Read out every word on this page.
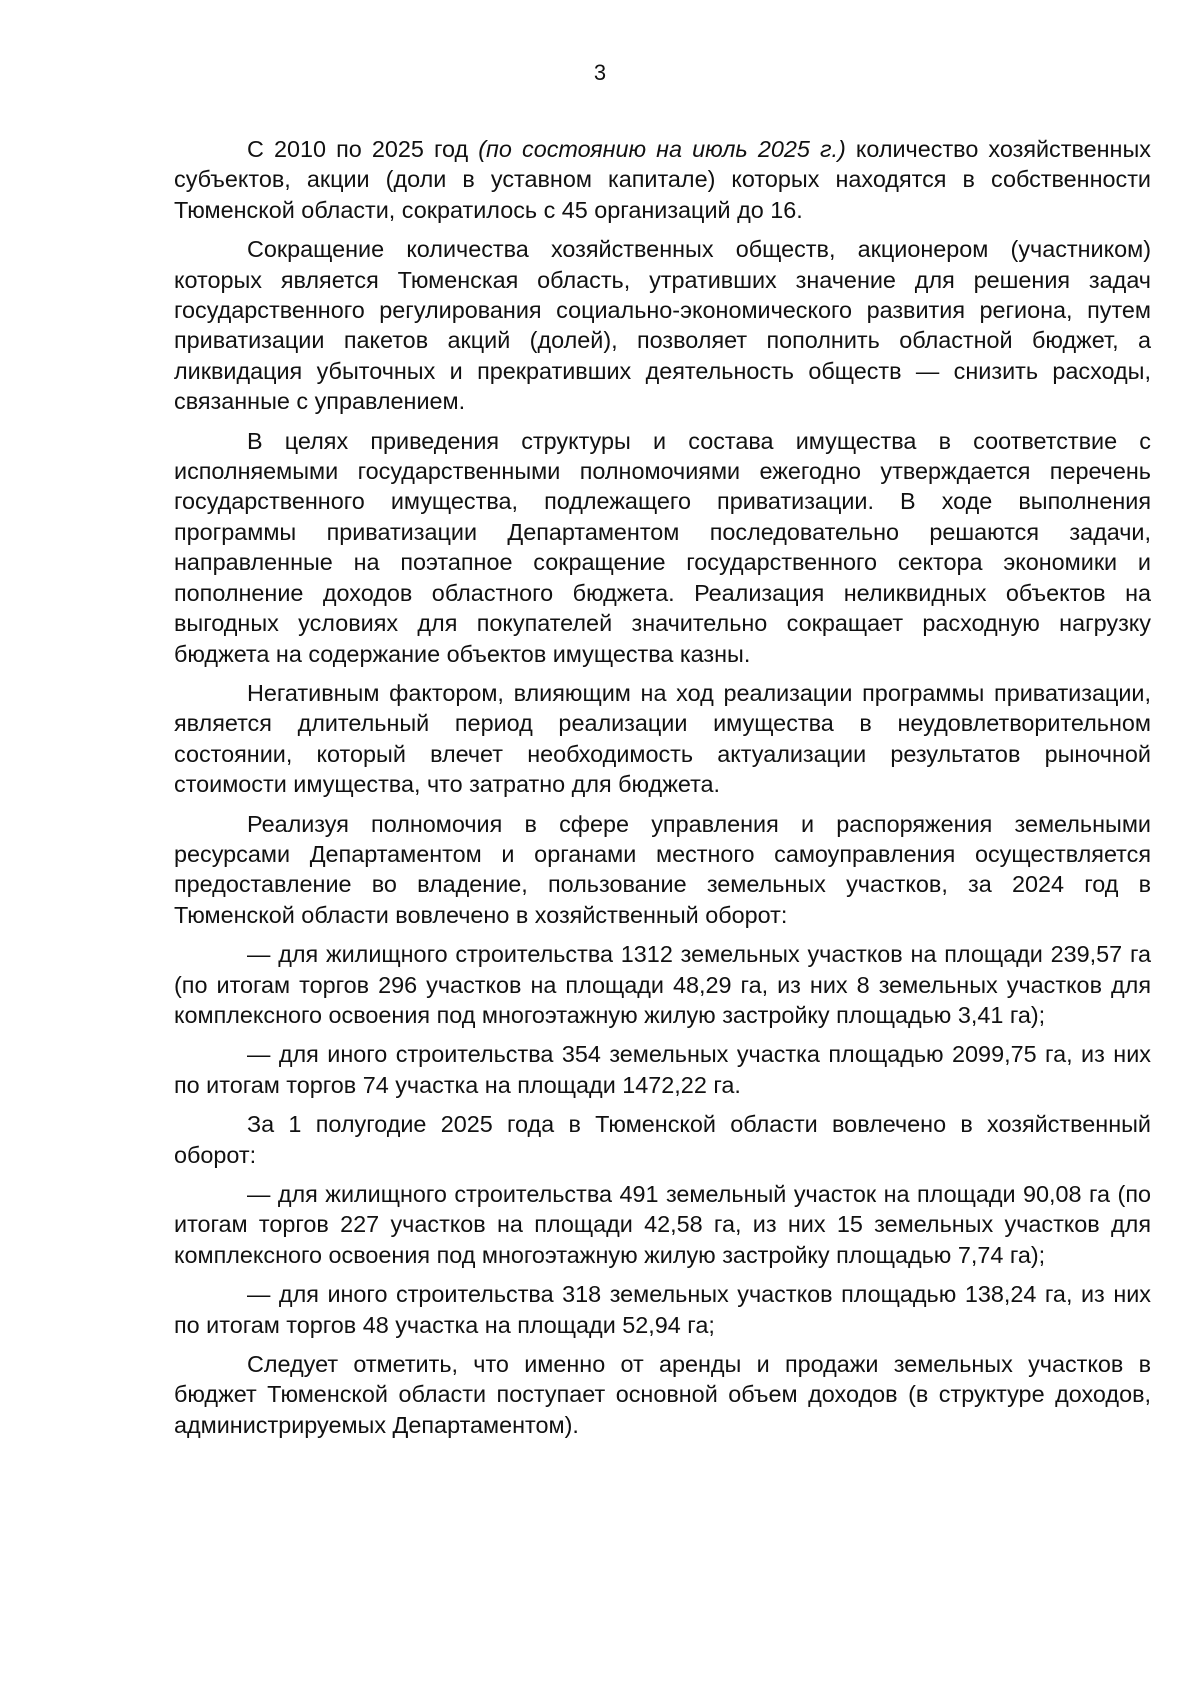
3

С 2010 по 2025 год (по состоянию на июль 2025 г.) количество хозяйственных субъектов, акции (доли в уставном капитале) которых находятся в собственности Тюменской области, сократилось с 45 организаций до 16.

Сокращение количества хозяйственных обществ, акционером (участником) которых является Тюменская область, утративших значение для решения задач государственного регулирования социально-экономического развития региона, путем приватизации пакетов акций (долей), позволяет пополнить областной бюджет, а ликвидация убыточных и прекративших деятельность обществ — снизить расходы, связанные с управлением.

В целях приведения структуры и состава имущества в соответствие с исполняемыми государственными полномочиями ежегодно утверждается перечень государственного имущества, подлежащего приватизации. В ходе выполнения программы приватизации Департаментом последовательно решаются задачи, направленные на поэтапное сокращение государственного сектора экономики и пополнение доходов областного бюджета. Реализация неликвидных объектов на выгодных условиях для покупателей значительно сокращает расходную нагрузку бюджета на содержание объектов имущества казны.

Негативным фактором, влияющим на ход реализации программы приватизации, является длительный период реализации имущества в неудовлетворительном состоянии, который влечет необходимость актуализации результатов рыночной стоимости имущества, что затратно для бюджета.

Реализуя полномочия в сфере управления и распоряжения земельными ресурсами Департаментом и органами местного самоуправления осуществляется предоставление во владение, пользование земельных участков, за 2024 год в Тюменской области вовлечено в хозяйственный оборот:

— для жилищного строительства 1312 земельных участков на площади 239,57 га (по итогам торгов 296 участков на площади 48,29 га, из них 8 земельных участков для комплексного освоения под многоэтажную жилую застройку площадью 3,41 га);

— для иного строительства 354 земельных участка площадью 2099,75 га, из них по итогам торгов 74 участка на площади 1472,22 га.

За 1 полугодие 2025 года в Тюменской области вовлечено в хозяйственный оборот:

— для жилищного строительства 491 земельный участок на площади 90,08 га (по итогам торгов 227 участков на площади 42,58 га, из них 15 земельных участков для комплексного освоения под многоэтажную жилую застройку площадью 7,74 га);

— для иного строительства 318 земельных участков площадью 138,24 га, из них по итогам торгов 48 участка на площади 52,94 га;

Следует отметить, что именно от аренды и продажи земельных участков в бюджет Тюменской области поступает основной объем доходов (в структуре доходов, администрируемых Департаментом).
